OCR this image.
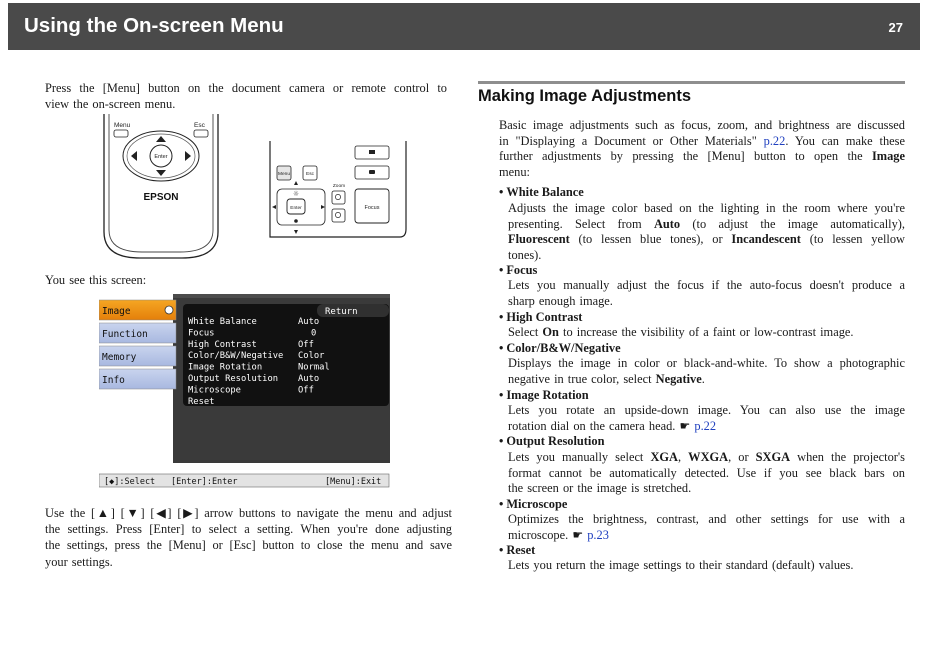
Using the On-screen Menu	27
Press the [Menu] button on the document camera or remote control to
view the on-screen menu.
Menu	Esc
Enter
EPSON
Menu	Esc
☼
Enter
Zoom
Focus
You see this screen:
Return
Image
Function
Memory
Info
White Balance	Auto
Focus	0
High Contrast	Off
Color/B&W/Negative Color
Image Rotation	Normal
Output Resolution Auto
Microscope	Off
Reset
[◆]:Select [Enter]:Enter	[Menu]:Exit
Use the [▲] [▼] [◀] [▶] arrow buttons to navigate the menu and adjust
the settings. Press [Enter] to select a setting. When you're done adjusting
the settings, press the [Menu] or [Esc] button to close the menu and save
your settings.
Making Image Adjustments
Basic image adjustments such as focus, zoom, and brightness are discussed
in "Displaying a Document or Other Materials" p.22. You can make these
further adjustments by pressing the [Menu] button to open the Image
menu:
• White Balance
Adjusts the image color based on the lighting in the room where you're
presenting. Select from Auto (to adjust the image automatically),
Fluorescent (to lessen blue tones), or Incandescent (to lessen yellow
tones).
• Focus
Lets you manually adjust the focus if the auto-focus doesn't produce a
sharp enough image.
• High Contrast
Select On to increase the visibility of a faint or low-contrast image.
• Color/B&W/Negative
Displays the image in color or black-and-white. To show a photographic
negative in true color, select Negative.
• Image Rotation
Lets you rotate an upside-down image. You can also use the image
rotation dial on the camera head. ☛ p.22
• Output Resolution
Lets you manually select XGA, WXGA, or SXGA when the projector's
format cannot be automatically detected. Use if you see black bars on
the screen or the image is stretched.
• Microscope
Optimizes the brightness, contrast, and other settings for use with a
microscope. ☛ p.23
• Reset
Lets you return the image settings to their standard (default) values.
